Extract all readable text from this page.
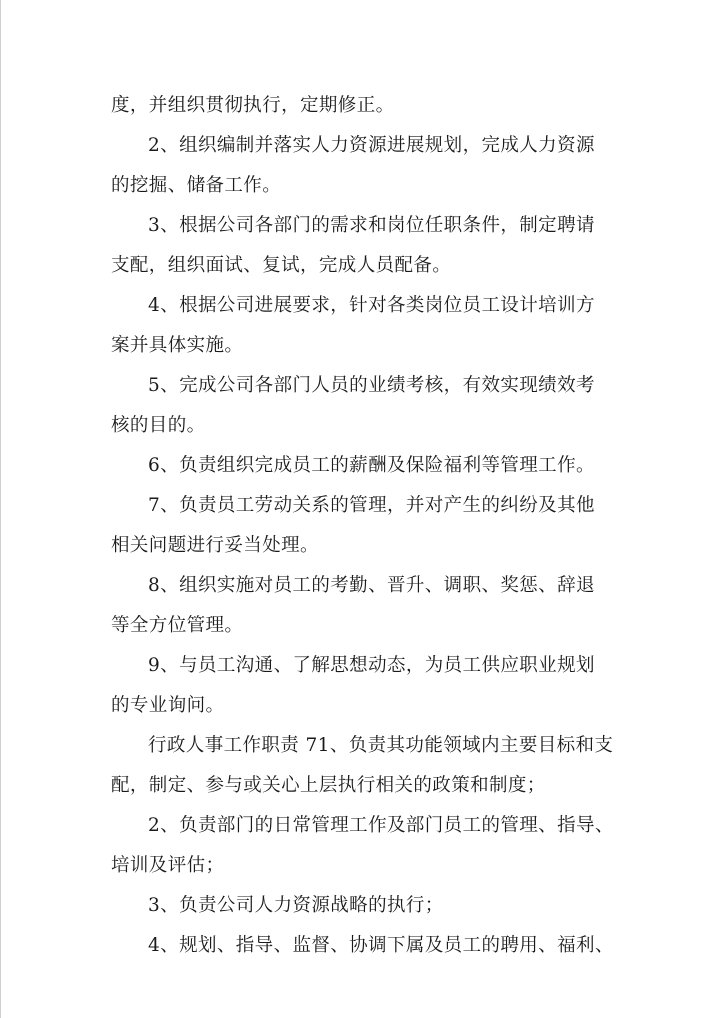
度，并组织贯彻执行，定期修正。
2、组织编制并落实人力资源进展规划，完成人力资源
的挖掘、储备工作。
3、根据公司各部门的需求和岗位任职条件，制定聘请
支配，组织面试、复试，完成人员配备。
4、根据公司进展要求，针对各类岗位员工设计培训方
案并具体实施。
5、完成公司各部门人员的业绩考核，有效实现绩效考
核的目的。
6、负责组织完成员工的薪酬及保险福利等管理工作。
7、负责员工劳动关系的管理，并对产生的纠纷及其他
相关问题进行妥当处理。
8、组织实施对员工的考勤、晋升、调职、奖惩、辞退
等全方位管理。
9、与员工沟通、了解思想动态，为员工供应职业规划
的专业询问。
行政人事工作职责 71、负责其功能领域内主要目标和支
配，制定、参与或关心上层执行相关的政策和制度；
2、负责部门的日常管理工作及部门员工的管理、指导、
培训及评估；
3、负责公司人力资源战略的执行；
4、规划、指导、监督、协调下属及员工的聘用、福利、
